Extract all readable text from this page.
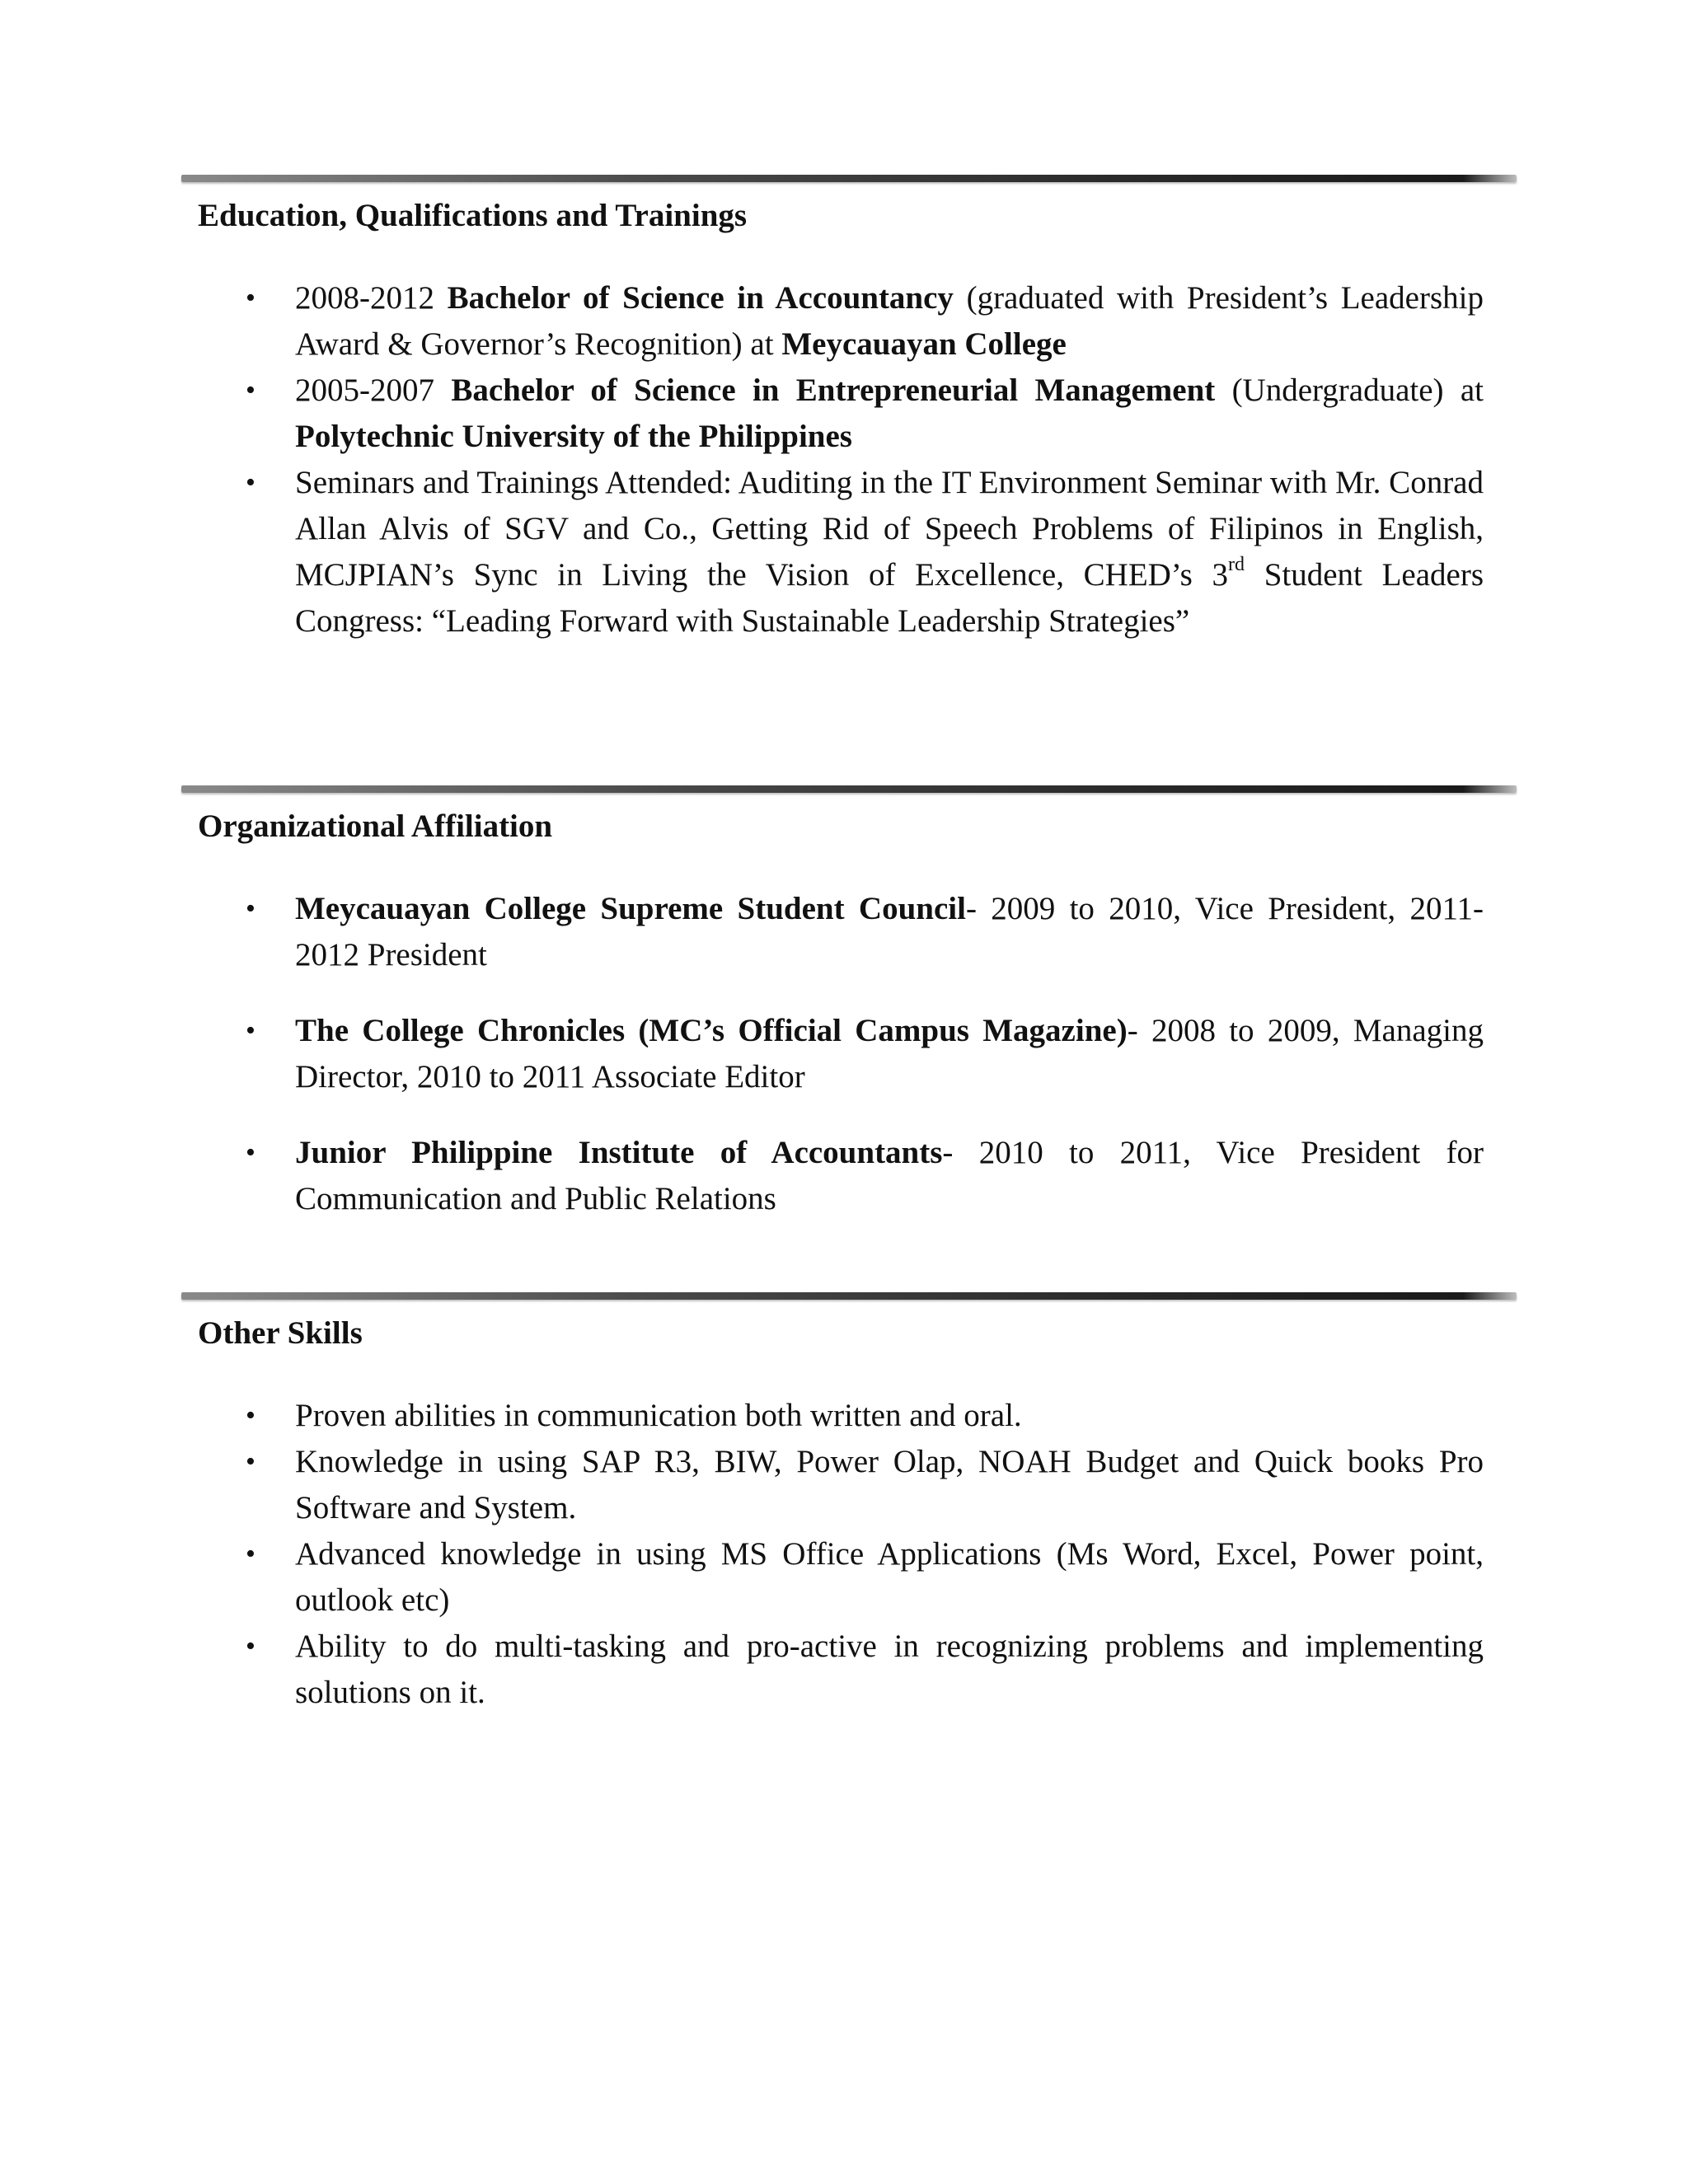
Education, Qualifications and Trainings
• 2008-2012 Bachelor of Science in Accountancy (graduated with President’s Leadership Award & Governor’s Recognition) at Meycauayan College
• 2005-2007 Bachelor of Science in Entrepreneurial Management (Undergraduate) at Polytechnic University of the Philippines
• Seminars and Trainings Attended: Auditing in the IT Environment Seminar with Mr. Conrad Allan Alvis of SGV and Co., Getting Rid of Speech Problems of Filipinos in English, MCJPIAN’s Sync in Living the Vision of Excellence, CHED’s 3rd Student Leaders Congress: “Leading Forward with Sustainable Leadership Strategies”
Organizational Affiliation
• Meycauayan College Supreme Student Council- 2009 to 2010, Vice President, 2011-2012 President
• The College Chronicles (MC’s Official Campus Magazine)- 2008 to 2009, Managing Director, 2010 to 2011 Associate Editor
• Junior Philippine Institute of Accountants- 2010 to 2011, Vice President for Communication and Public Relations
Other Skills
• Proven abilities in communication both written and oral.
• Knowledge in using SAP R3, BIW, Power Olap, NOAH Budget and Quick books Pro Software and System.
• Advanced knowledge in using MS Office Applications (Ms Word, Excel, Power point, outlook etc)
• Ability to do multi-tasking and pro-active in recognizing problems and implementing solutions on it.
